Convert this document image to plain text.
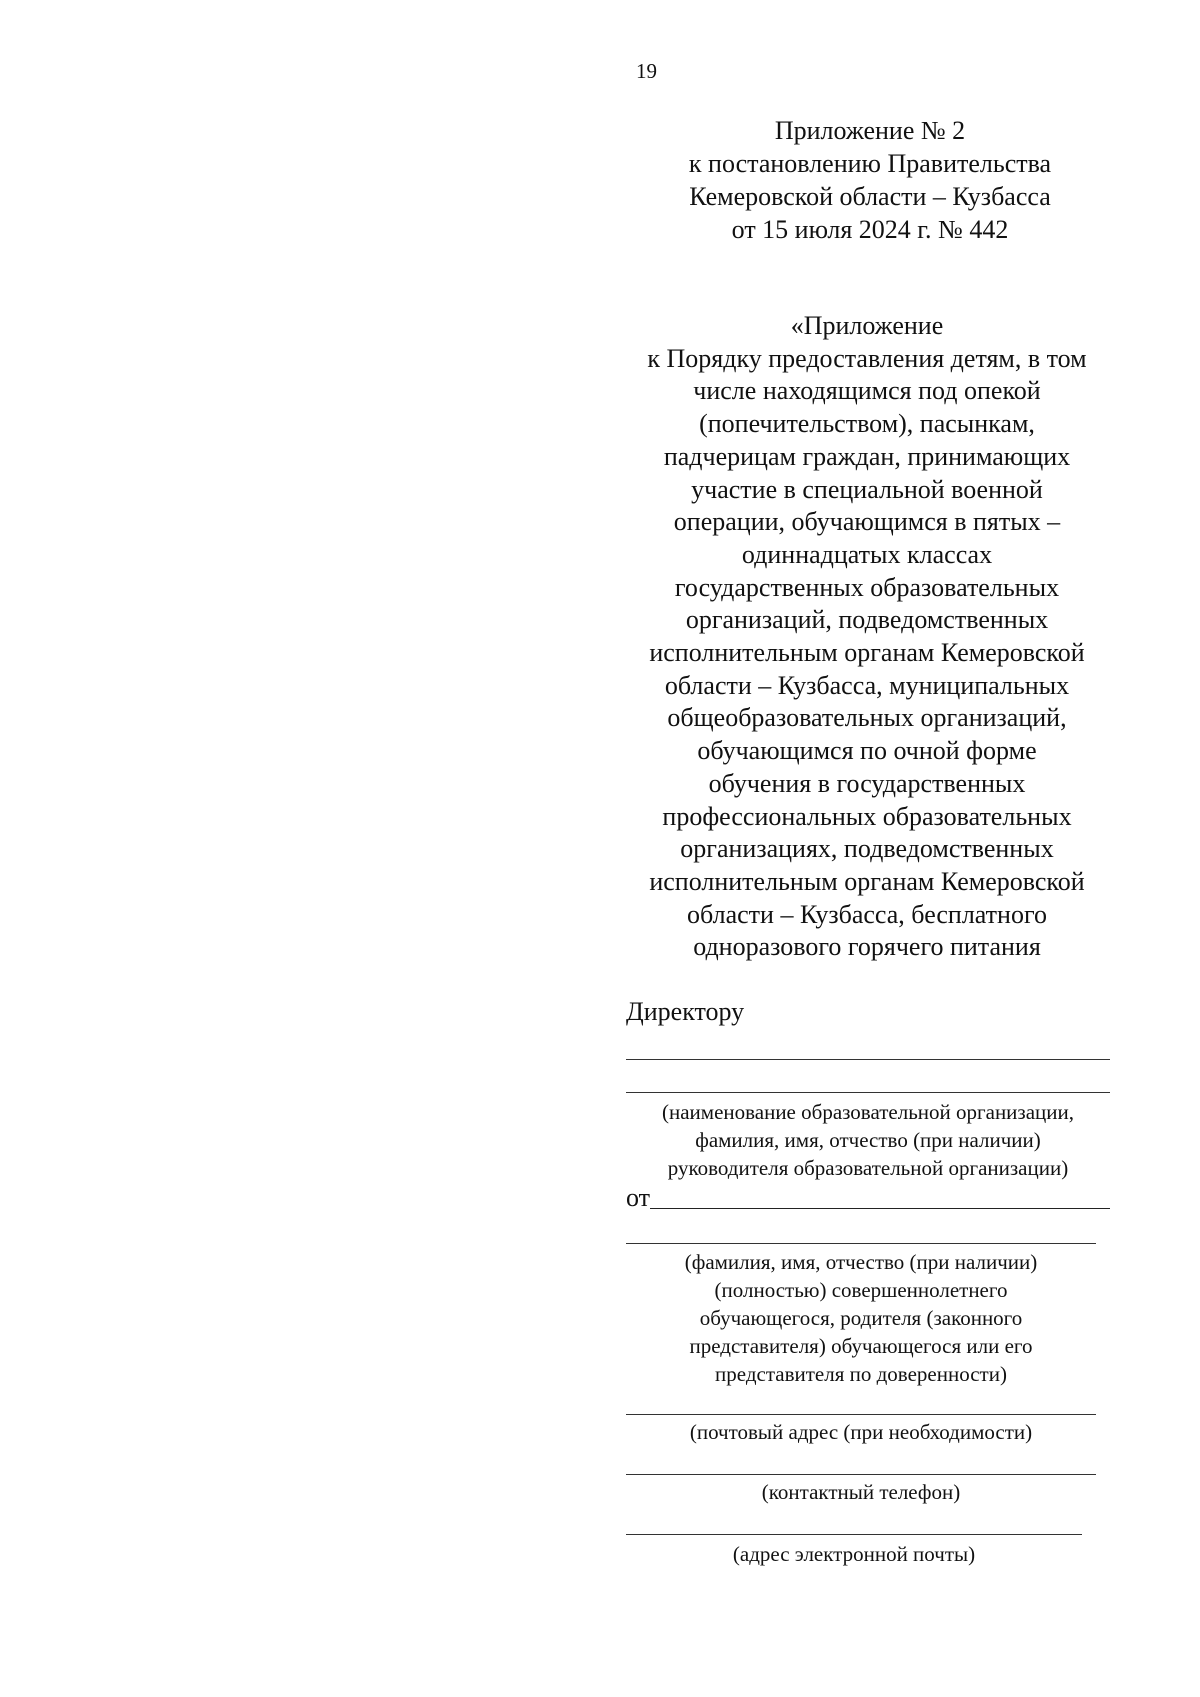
19
Приложение № 2
к постановлению Правительства
Кемеровской области – Кузбасса
от 15 июля 2024 г. № 442
«Приложение
к Порядку предоставления детям, в том
числе находящимся под опекой
(попечительством), пасынкам,
падчерицам граждан, принимающих
участие в специальной военной
операции, обучающимся в пятых –
одиннадцатых классах
государственных образовательных
организаций, подведомственных
исполнительным органам Кемеровской
области – Кузбасса, муниципальных
общеобразовательных организаций,
обучающимся по очной форме
обучения в государственных
профессиональных образовательных
организациях, подведомственных
исполнительным органам Кемеровской
области – Кузбасса, бесплатного
одноразового горячего питания
Директору
(наименование образовательной организации,
фамилия, имя, отчество (при наличии)
руководителя образовательной организации)
от
(фамилия, имя, отчество (при наличии)
(полностью) совершеннолетнего
обучающегося, родителя (законного
представителя) обучающегося или его
представителя по доверенности)
(почтовый адрес (при необходимости)
(контактный телефон)
(адрес электронной почты)
